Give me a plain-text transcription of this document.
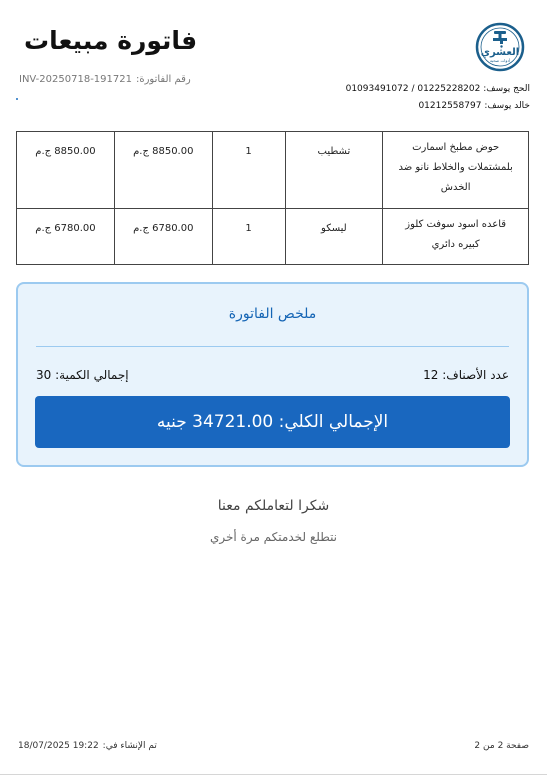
العشري
أدوات صحية
الحج يوسف: 01225228202 / 01093491072
خالد يوسف: 01212558797
فاتورة مبيعات
رقم الفاتورة:INV-20250718-191721
حوض مطبخ اسمارت بلمشتملات والخلاط نانو ضد الخدش	تشطيب	1	8850.00 ج.م	8850.00 ج.م
قاعده اسود سوفت كلوز كبيره دائري	ليسكو	1	6780.00 ج.م	6780.00 ج.م
ملخص الفاتورة
عدد الأصناف: 12
إجمالي الكمية: 30
الإجمالي الكلي: 34721.00 جنيه
شكرا لتعاملكم معنا
نتطلع لخدمتكم مرة أخري
صفحة 2 من 2
تم الإنشاء في:18/07/2025 19:22
